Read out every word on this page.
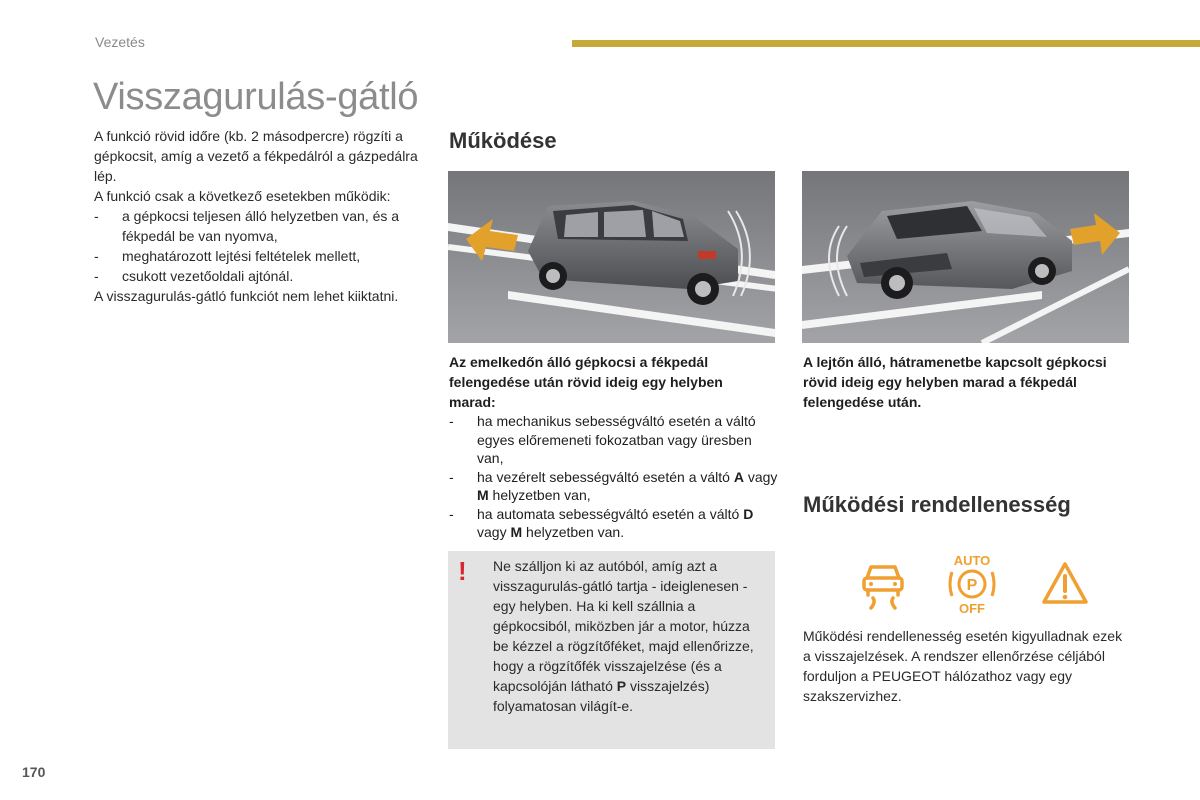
Vezetés
Visszagurulás-gátló
A funkció rövid időre (kb. 2 másodpercre) rögzíti a gépkocsit, amíg a vezető a fékpedálról a gázpedálra lép.
A funkció csak a következő esetekben működik:
- a gépkocsi teljesen álló helyzetben van, és a fékpedál be van nyomva,
- meghatározott lejtési feltételek mellett,
- csukott vezetőoldali ajtónál.
A visszagurulás-gátló funkciót nem lehet kiiktatni.
Működése
Az emelkedőn álló gépkocsi a fékpedál felengedése után rövid ideig egy helyben marad:
A lejtőn álló, hátramenetbe kapcsolt gépkocsi rövid ideig egy helyben marad a fékpedál felengedése után.
- ha mechanikus sebességváltó esetén a váltó egyes előremeneti fokozatban vagy üresben van,
- ha vezérelt sebességváltó esetén a váltó A vagy M helyzetben van,
- ha automata sebességváltó esetén a váltó D vagy M helyzetben van.
! Ne szálljon ki az autóból, amíg azt a visszagurulás-gátló tartja - ideiglenesen - egy helyben. Ha ki kell szállnia a gépkocsiból, miközben jár a motor, húzza be kézzel a rögzítőféket, majd ellenőrizze, hogy a rögzítőfék visszajelzése (és a kapcsolóján látható P visszajelzés) folyamatosan világít-e.
Működési rendellenesség
AUTO
P
OFF
Működési rendellenesség esetén kigyulladnak ezek a visszajelzések. A rendszer ellenőrzése céljából forduljon a PEUGEOT hálózathoz vagy egy szakszervizhez.
170
